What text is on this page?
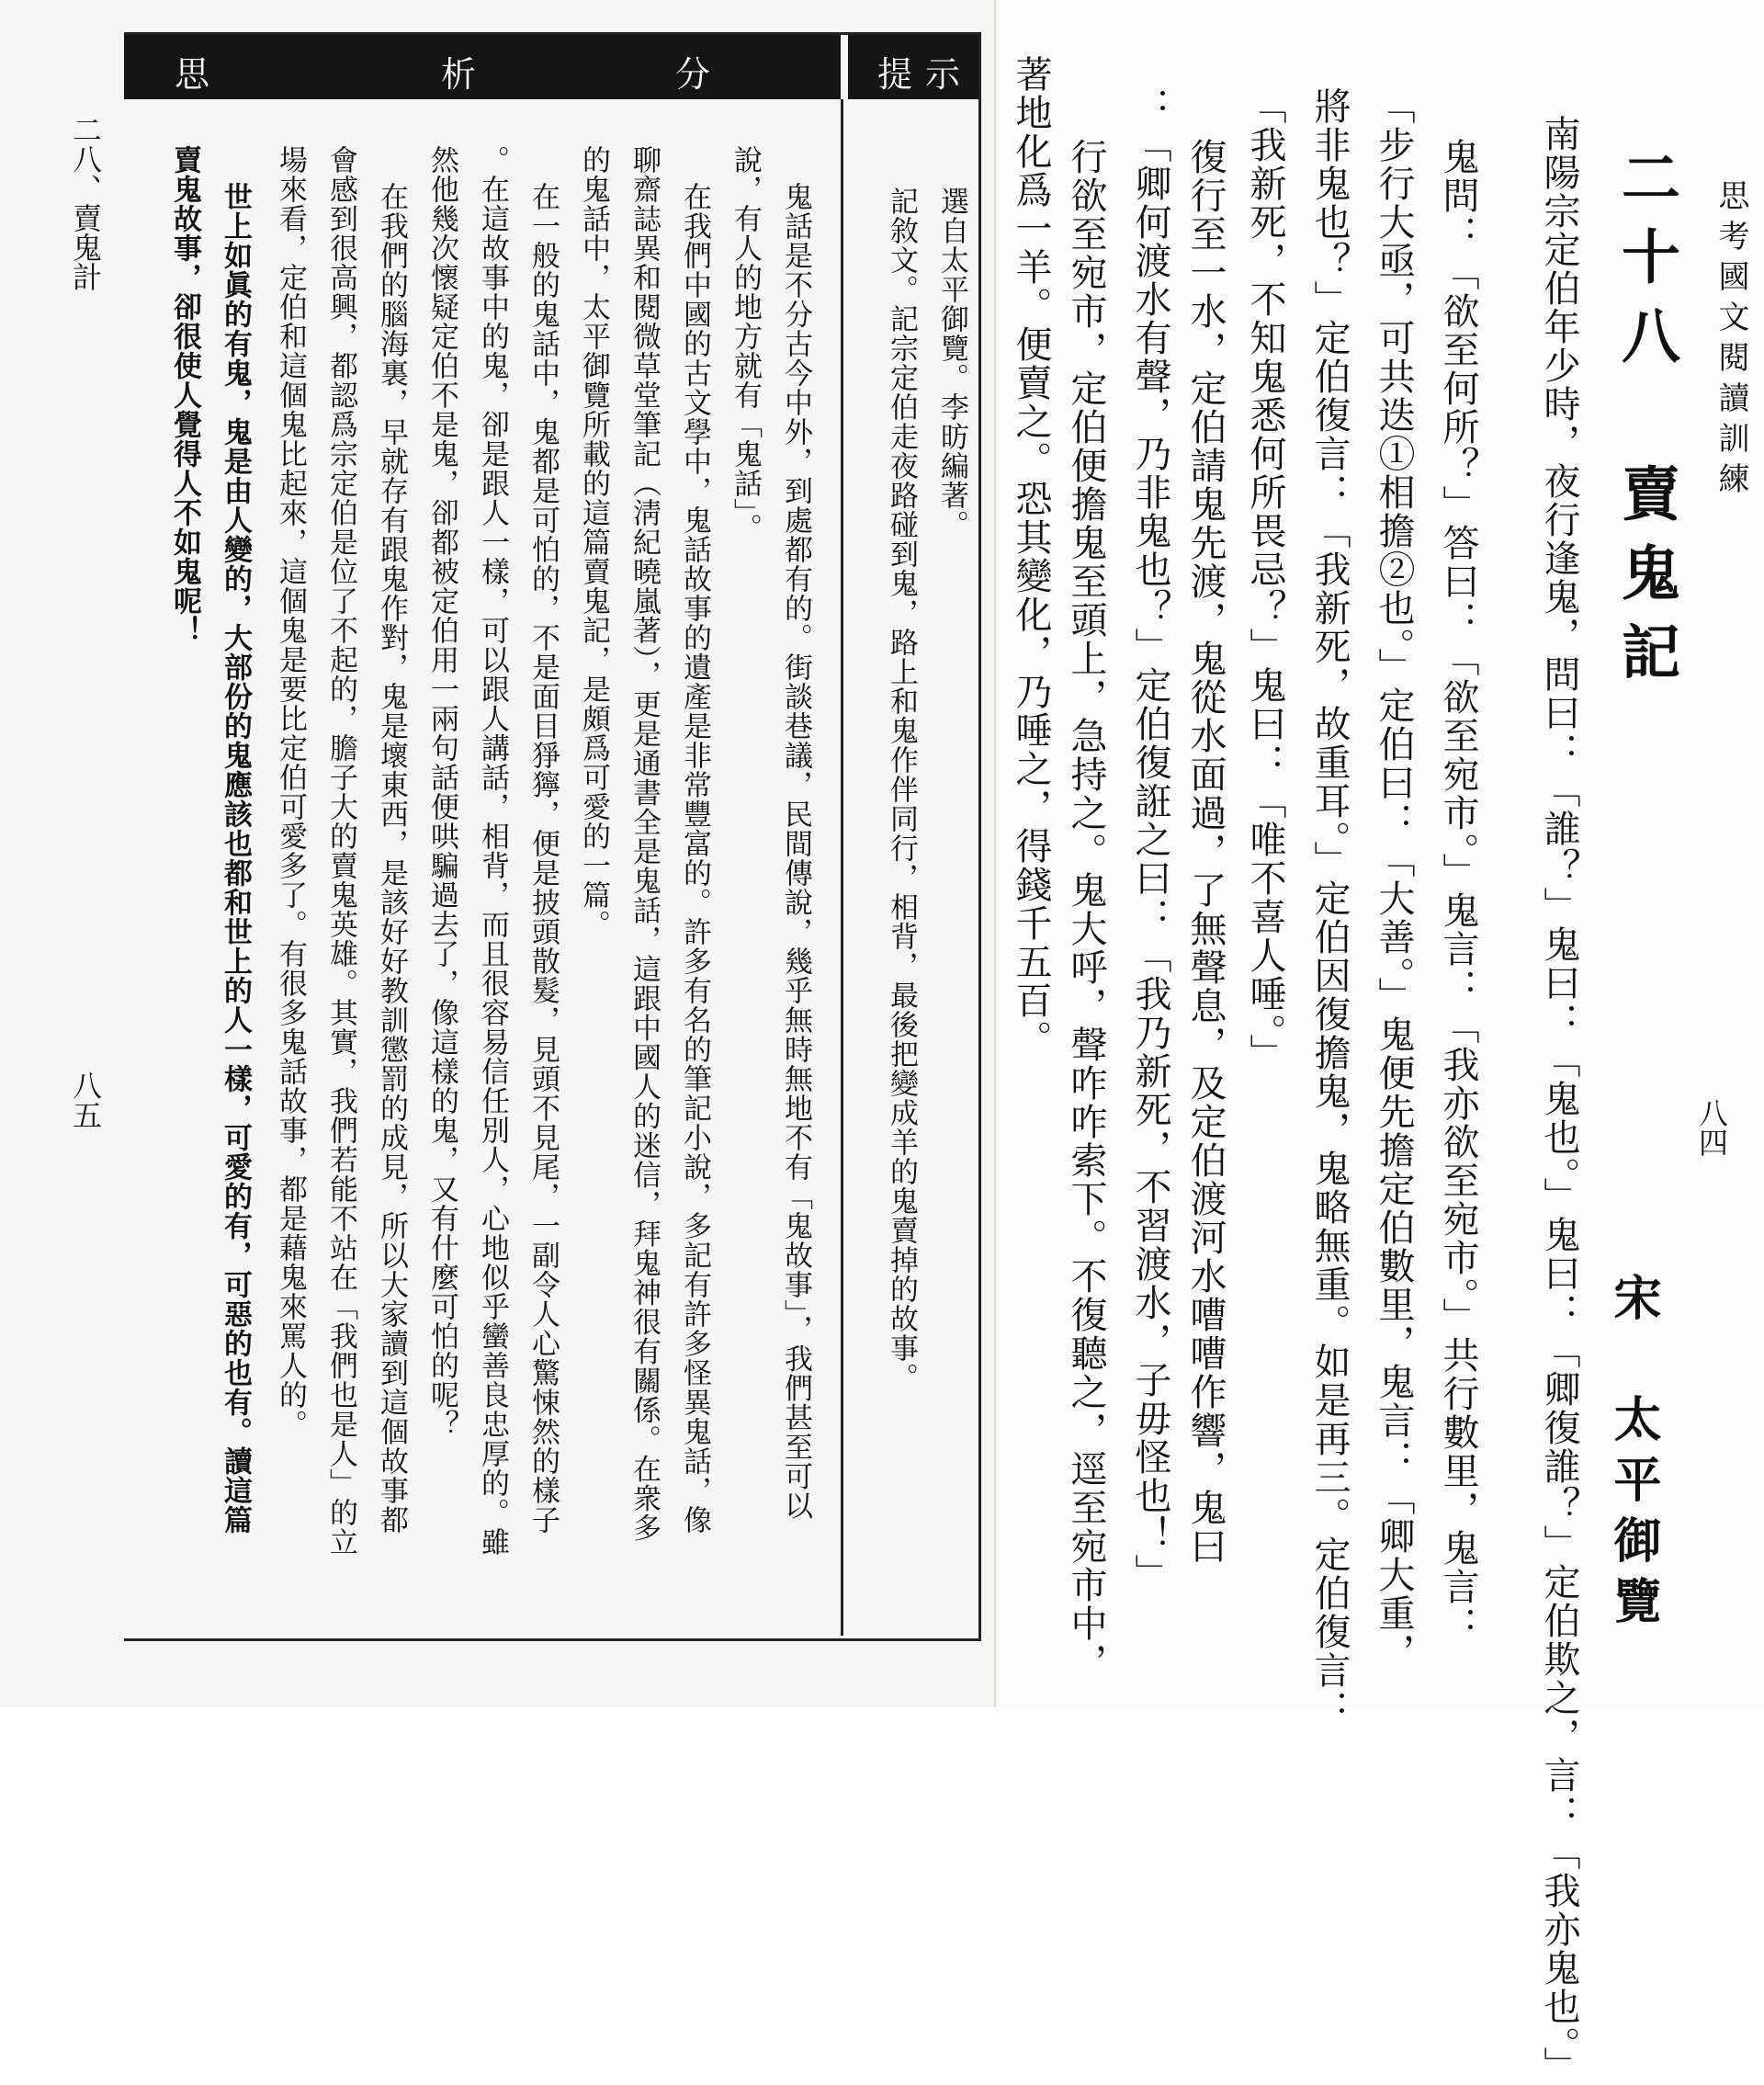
思考國文閱讀訓練
八四
二十八　賣鬼記
宋　太平御覽
南陽宗定伯年少時，夜行逢鬼，問曰：「誰？」鬼曰：「鬼也。」鬼曰：「卿復誰？」定伯欺之，言：「我亦鬼也。」
鬼問：「欲至何所？」答曰：「欲至宛市。」鬼言：「我亦欲至宛市。」共行數里，鬼言：
「步行大亟，可共迭①相擔②也。」定伯曰：「大善。」鬼便先擔定伯數里，鬼言：「卿大重，
將非鬼也？」定伯復言：「我新死，故重耳。」定伯因復擔鬼，鬼略無重。如是再三。定伯復言：
「我新死，不知鬼悉何所畏忌？」鬼曰：「唯不喜人唾。」
復行至一水，定伯請鬼先渡，鬼從水面過，了無聲息，及定伯渡河水嘈嘈作響，鬼曰
：「卿何渡水有聲，乃非鬼也？」定伯復誑之曰：「我乃新死，不習渡水，子毋怪也！」
行欲至宛市，定伯便擔鬼至頭上，急持之。鬼大呼，聲咋咋索下。不復聽之，逕至宛市中，
著地化爲一羊。便賣之。恐其變化，乃唾之，得錢千五百。
二八、賣鬼計
八五
提示
分
析
思
選自太平御覽。李昉編著。
記敘文。記宗定伯走夜路碰到鬼，路上和鬼作伴同行，相背，最後把變成羊的鬼賣掉的故事。
鬼話是不分古今中外，到處都有的。街談巷議，民間傳說，幾乎無時無地不有「鬼故事」，我們甚至可以
說，有人的地方就有「鬼話」。
在我們中國的古文學中，鬼話故事的遺產是非常豐富的。許多有名的筆記小說，多記有許多怪異鬼話，像
聊齋誌異和閱微草堂筆記（淸紀曉嵐著），更是通書全是鬼話，這跟中國人的迷信，拜鬼神很有關係。在衆多
的鬼話中，太平御覽所載的這篇賣鬼記，是頗爲可愛的一篇。
在一般的鬼話中，鬼都是可怕的，不是面目猙獰，便是披頭散髮，見頭不見尾，一副令人心驚悚然的樣子
。在這故事中的鬼，卻是跟人一樣，可以跟人講話，相背，而且很容易信任別人，心地似乎蠻善良忠厚的。雖
然他幾次懷疑定伯不是鬼，卻都被定伯用一兩句話便哄騙過去了，像這樣的鬼，又有什麼可怕的呢？
在我們的腦海裏，早就存有跟鬼作對，鬼是壞東西，是該好好教訓懲罰的成見，所以大家讀到這個故事都
會感到很高興，都認爲宗定伯是位了不起的，膽子大的賣鬼英雄。其實，我們若能不站在「我們也是人」的立
場來看，定伯和這個鬼比起來，這個鬼是要比定伯可愛多了。有很多鬼話故事，都是藉鬼來罵人的。
世上如眞的有鬼，鬼是由人變的，大部份的鬼應該也都和世上的人一樣，可愛的有，可惡的也有。讀這篇
賣鬼故事，卻很使人覺得人不如鬼呢！
